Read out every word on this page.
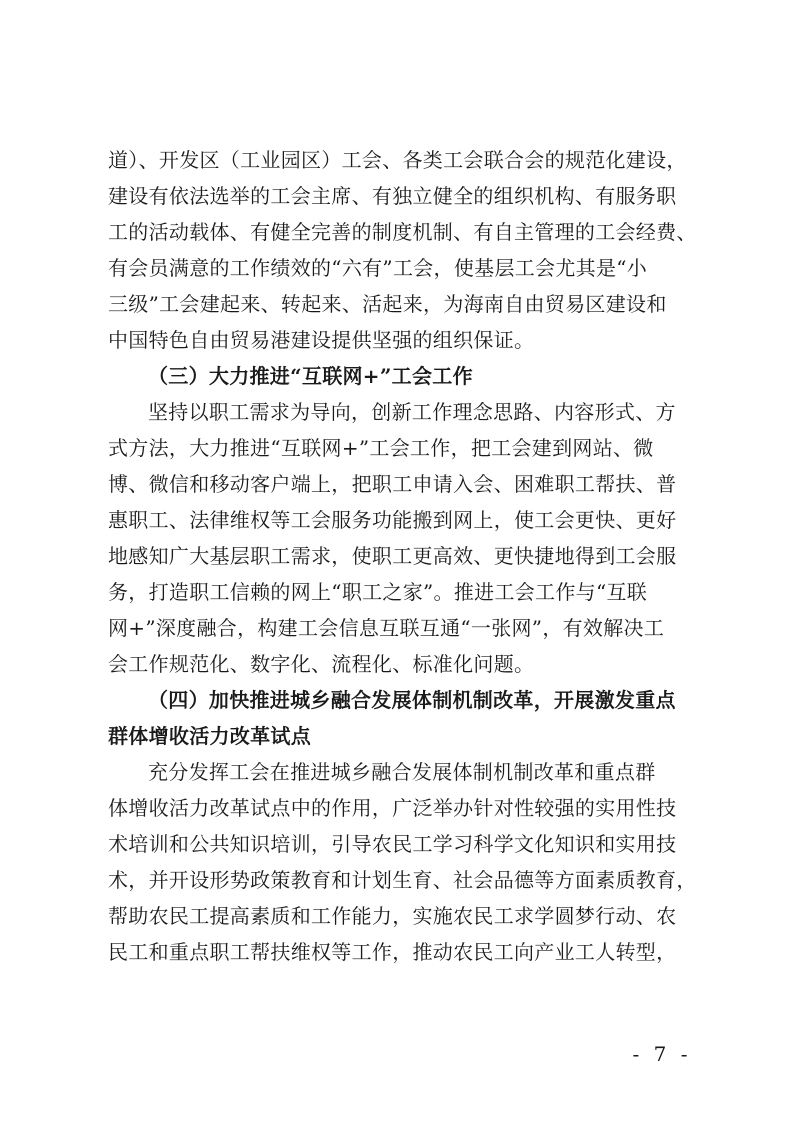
道）、开发区（工业园区）工会、各类工会联合会的规范化建设，
建设有依法选举的工会主席、有独立健全的组织机构、有服务职
工的活动载体、有健全完善的制度机制、有自主管理的工会经费、
有会员满意的工作绩效的“六有”工会，使基层工会尤其是“小
三级”工会建起来、转起来、活起来，为海南自由贸易区建设和
中国特色自由贸易港建设提供坚强的组织保证。
（三）大力推进“互联网+”工会工作
坚持以职工需求为导向，创新工作理念思路、内容形式、方
式方法，大力推进“互联网+”工会工作，把工会建到网站、微
博、微信和移动客户端上，把职工申请入会、困难职工帮扶、普
惠职工、法律维权等工会服务功能搬到网上，使工会更快、更好
地感知广大基层职工需求，使职工更高效、更快捷地得到工会服
务，打造职工信赖的网上“职工之家”。推进工会工作与“互联
网+”深度融合，构建工会信息互联互通“一张网”，有效解决工
会工作规范化、数字化、流程化、标准化问题。
（四）加快推进城乡融合发展体制机制改革，开展激发重点
群体增收活力改革试点
充分发挥工会在推进城乡融合发展体制机制改革和重点群
体增收活力改革试点中的作用，广泛举办针对性较强的实用性技
术培训和公共知识培训，引导农民工学习科学文化知识和实用技
术，并开设形势政策教育和计划生育、社会品德等方面素质教育，
帮助农民工提高素质和工作能力，实施农民工求学圆梦行动、农
民工和重点职工帮扶维权等工作，推动农民工向产业工人转型，
- 7 -
